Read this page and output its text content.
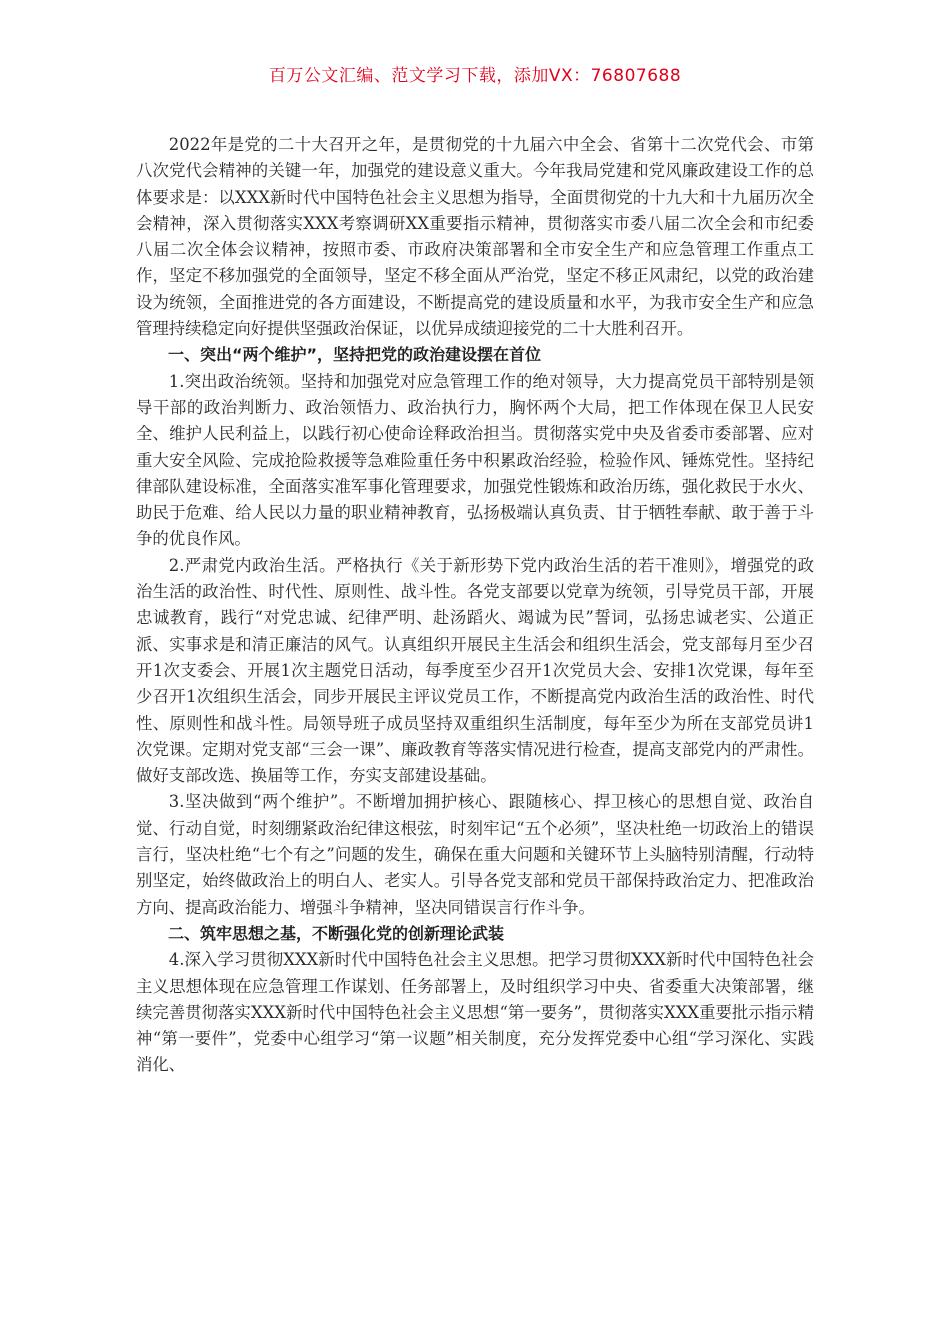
百万公文汇编、范文学习下载，添加VX：76807688

2022年是党的二十大召开之年，是贯彻党的十九届六中全会、省第十二次党代会、市第八次党代会精神的关键一年，加强党的建设意义重大。今年我局党建和党风廉政建设工作的总体要求是：以XXX新时代中国特色社会主义思想为指导，全面贯彻党的十九大和十九届历次全会精神，深入贯彻落实XXX考察调研XX重要指示精神，贯彻落实市委八届二次全会和市纪委八届二次全体会议精神，按照市委、市政府决策部署和全市安全生产和应急管理工作重点工作，坚定不移加强党的全面领导，坚定不移全面从严治党，坚定不移正风肃纪，以党的政治建设为统领，全面推进党的各方面建设，不断提高党的建设质量和水平，为我市安全生产和应急管理持续稳定向好提供坚强政治保证，以优异成绩迎接党的二十大胜利召开。

一、突出“两个维护”，坚持把党的政治建设摆在首位

1.突出政治统领。坚持和加强党对应急管理工作的绝对领导，大力提高党员干部特别是领导干部的政治判断力、政治领悟力、政治执行力，胸怀两个大局，把工作体现在保卫人民安全、维护人民利益上，以践行初心使命诠释政治担当。贯彻落实党中央及省委市委部署、应对重大安全风险、完成抢险救援等急难险重任务中积累政治经验，检验作风、锤炼党性。坚持纪律部队建设标准，全面落实准军事化管理要求，加强党性锻炼和政治历练，强化救民于水火、助民于危难、给人民以力量的职业精神教育，弘扬极端认真负责、甘于牺牲奉献、敢于善于斗争的优良作风。

2.严肃党内政治生活。严格执行《关于新形势下党内政治生活的若干准则》，增强党的政治生活的政治性、时代性、原则性、战斗性。各党支部要以党章为统领，引导党员干部，开展忠诚教育，践行“对党忠诚、纪律严明、赴汤蹈火、竭诚为民”誓词，弘扬忠诚老实、公道正派、实事求是和清正廉洁的风气。认真组织开展民主生活会和组织生活会，党支部每月至少召开1次支委会、开展1次主题党日活动，每季度至少召开1次党员大会、安排1次党课，每年至少召开1次组织生活会，同步开展民主评议党员工作，不断提高党内政治生活的政治性、时代性、原则性和战斗性。局领导班子成员坚持双重组织生活制度，每年至少为所在支部党员讲1次党课。定期对党支部“三会一课”、廉政教育等落实情况进行检查，提高支部党内的严肃性。做好支部改选、换届等工作，夯实支部建设基础。

3.坚决做到“两个维护”。不断增加拥护核心、跟随核心、捍卫核心的思想自觉、政治自觉、行动自觉，时刻绷紧政治纪律这根弦，时刻牢记“五个必须”，坚决杜绝一切政治上的错误言行，坚决杜绝“七个有之”问题的发生，确保在重大问题和关键环节上头脑特别清醒，行动特别坚定，始终做政治上的明白人、老实人。引导各党支部和党员干部保持政治定力、把准政治方向、提高政治能力、增强斗争精神，坚决同错误言行作斗争。

二、筑牢思想之基，不断强化党的创新理论武装

4.深入学习贯彻XXX新时代中国特色社会主义思想。把学习贯彻XXX新时代中国特色社会主义思想体现在应急管理工作谋划、任务部署上，及时组织学习中央、省委重大决策部署，继续完善贯彻落实XXX新时代中国特色社会主义思想“第一要务”，贯彻落实XXX重要批示指示精神“第一要件”，党委中心组学习“第一议题”相关制度，充分发挥党委中心组“学习深化、实践消化、
